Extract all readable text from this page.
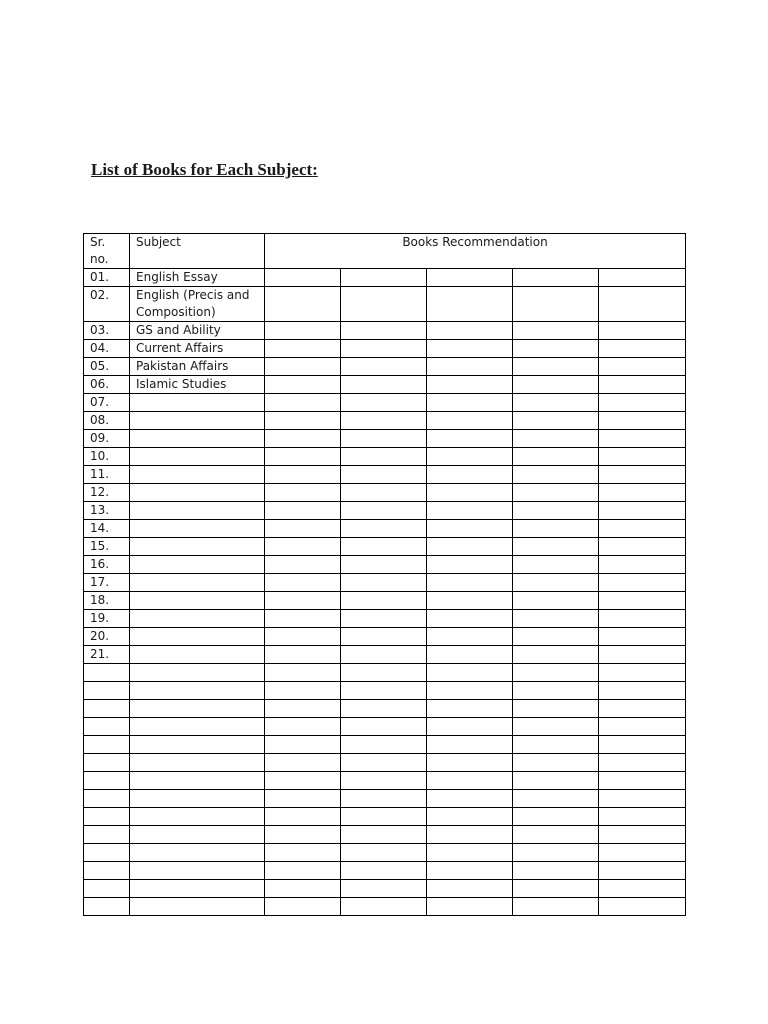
List of Books for Each Subject:
Sr. no.	Subject	Books Recommendation				
01.	English Essay					
02.	English (Precis and Composition)					
03.	GS and Ability					
04.	Current Affairs					
05.	Pakistan Affairs					
06.	Islamic Studies					
07.						
08.						
09.						
10.						
11.						
12.						
13.						
14.						
15.						
16.						
17.						
18.						
19.						
20.						
21.						
